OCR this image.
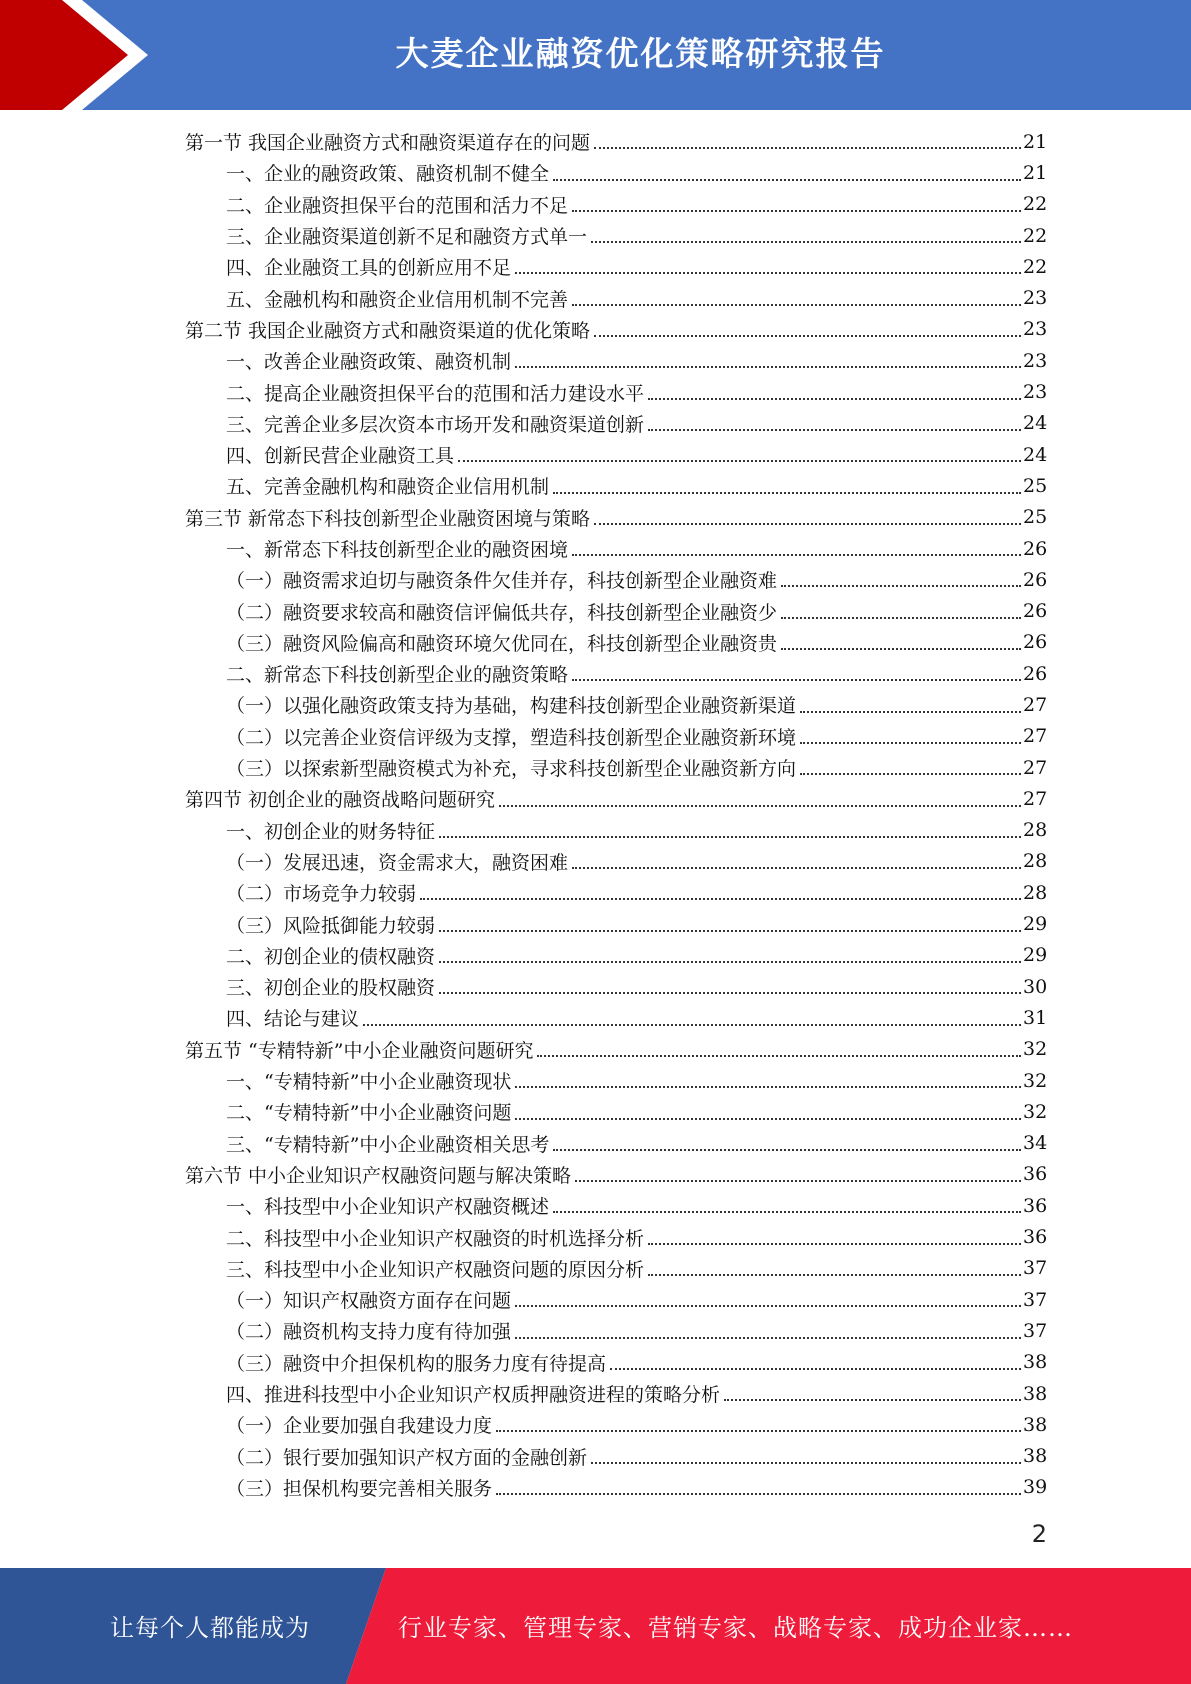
大麦企业融资优化策略研究报告
第一节 我国企业融资方式和融资渠道存在的问题	21
一、企业的融资政策、融资机制不健全	21
二、企业融资担保平台的范围和活力不足	22
三、企业融资渠道创新不足和融资方式单一	22
四、企业融资工具的创新应用不足	22
五、金融机构和融资企业信用机制不完善	23
第二节 我国企业融资方式和融资渠道的优化策略	23
一、改善企业融资政策、融资机制	23
二、提高企业融资担保平台的范围和活力建设水平	23
三、完善企业多层次资本市场开发和融资渠道创新	24
四、创新民营企业融资工具	24
五、完善金融机构和融资企业信用机制	25
第三节 新常态下科技创新型企业融资困境与策略	25
一、新常态下科技创新型企业的融资困境	26
（一）融资需求迫切与融资条件欠佳并存，科技创新型企业融资难	26
（二）融资要求较高和融资信评偏低共存，科技创新型企业融资少	26
（三）融资风险偏高和融资环境欠优同在，科技创新型企业融资贵	26
二、新常态下科技创新型企业的融资策略	26
（一）以强化融资政策支持为基础，构建科技创新型企业融资新渠道	27
（二）以完善企业资信评级为支撑，塑造科技创新型企业融资新环境	27
（三）以探索新型融资模式为补充，寻求科技创新型企业融资新方向	27
第四节 初创企业的融资战略问题研究	27
一、初创企业的财务特征	28
（一）发展迅速，资金需求大，融资困难	28
（二）市场竞争力较弱	28
（三）风险抵御能力较弱	29
二、初创企业的债权融资	29
三、初创企业的股权融资	30
四、结论与建议	31
第五节 “专精特新”中小企业融资问题研究	32
一、“专精特新”中小企业融资现状	32
二、“专精特新”中小企业融资问题	32
三、“专精特新”中小企业融资相关思考	34
第六节 中小企业知识产权融资问题与解决策略	36
一、科技型中小企业知识产权融资概述	36
二、科技型中小企业知识产权融资的时机选择分析	36
三、科技型中小企业知识产权融资问题的原因分析	37
（一）知识产权融资方面存在问题	37
（二）融资机构支持力度有待加强	37
（三）融资中介担保机构的服务力度有待提高	38
四、推进科技型中小企业知识产权质押融资进程的策略分析	38
（一）企业要加强自我建设力度	38
（二）银行要加强知识产权方面的金融创新	38
（三）担保机构要完善相关服务	39
2
让每个人都能成为	行业专家、管理专家、营销专家、战略专家、成功企业家……
